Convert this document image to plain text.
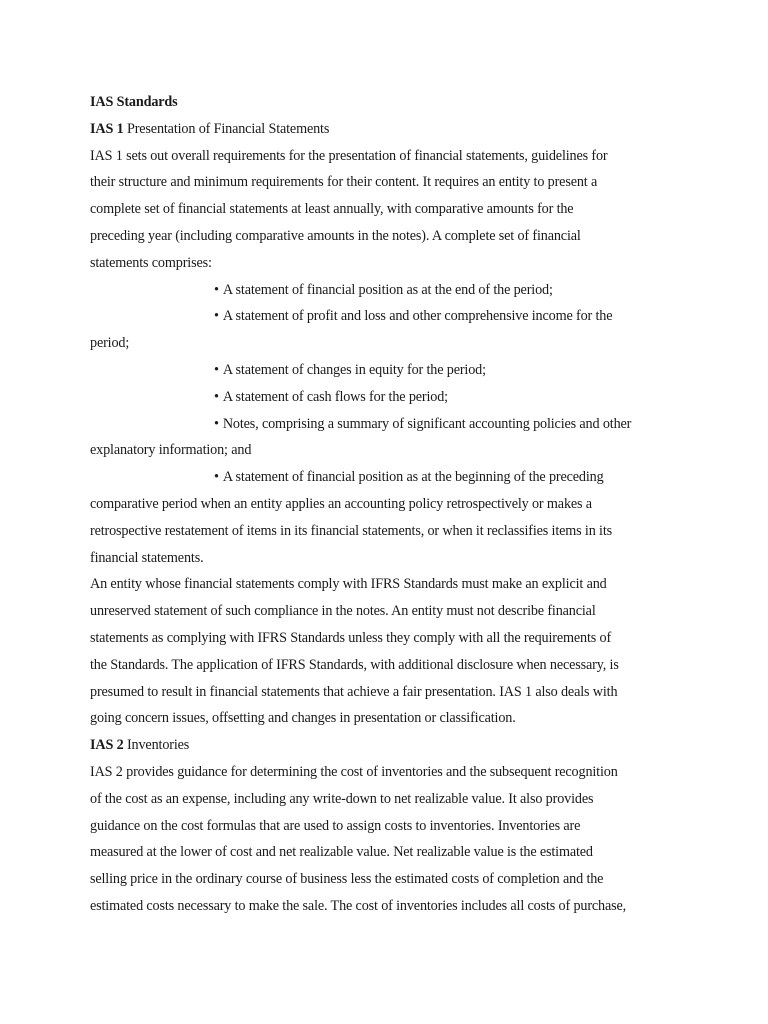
IAS Standards
IAS 1 Presentation of Financial Statements
IAS 1 sets out overall requirements for the presentation of financial statements, guidelines for
their structure and minimum requirements for their content. It requires an entity to present a
complete set of financial statements at least annually, with comparative amounts for the
preceding year (including comparative amounts in the notes). A complete set of financial
statements comprises:
• A statement of financial position as at the end of the period;
• A statement of profit and loss and other comprehensive income for the
period;
• A statement of changes in equity for the period;
• A statement of cash flows for the period;
• Notes, comprising a summary of significant accounting policies and other
explanatory information; and
• A statement of financial position as at the beginning of the preceding
comparative period when an entity applies an accounting policy retrospectively or makes a
retrospective restatement of items in its financial statements, or when it reclassifies items in its
financial statements.
An entity whose financial statements comply with IFRS Standards must make an explicit and
unreserved statement of such compliance in the notes. An entity must not describe financial
statements as complying with IFRS Standards unless they comply with all the requirements of
the Standards. The application of IFRS Standards, with additional disclosure when necessary, is
presumed to result in financial statements that achieve a fair presentation. IAS 1 also deals with
going concern issues, offsetting and changes in presentation or classification.
IAS 2 Inventories
IAS 2 provides guidance for determining the cost of inventories and the subsequent recognition
of the cost as an expense, including any write-down to net realizable value. It also provides
guidance on the cost formulas that are used to assign costs to inventories. Inventories are
measured at the lower of cost and net realizable value. Net realizable value is the estimated
selling price in the ordinary course of business less the estimated costs of completion and the
estimated costs necessary to make the sale. The cost of inventories includes all costs of purchase,
